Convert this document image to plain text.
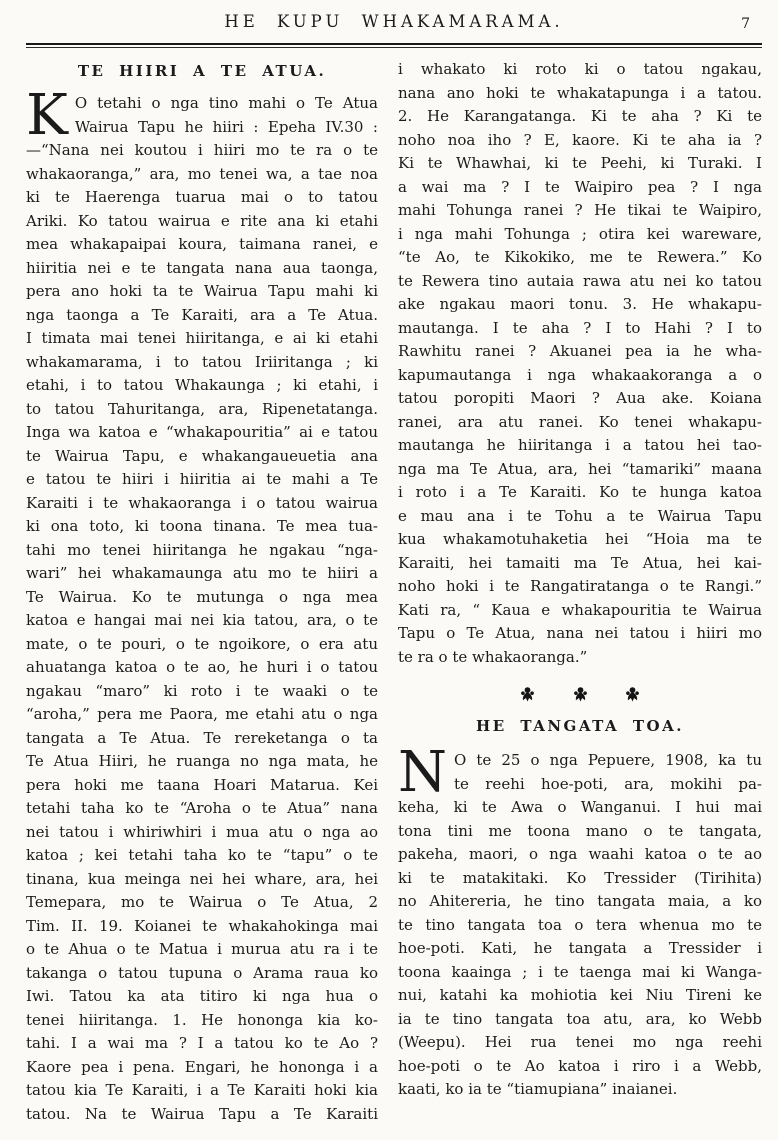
HE KUPU WHAKAMARAMA.	7
TE HIIRI A TE ATUA.
K O tetahi o nga tino mahi o Te Atua
Wairua Tapu he hiiri : Epeha IV.30 :
—“Nana nei koutou i hiiri mo te ra o te
whakaoranga,” ara, mo tenei wa, a tae noa
ki te Haerenga tuarua mai o to tatou
Ariki. Ko tatou wairua e rite ana ki etahi
mea whakapaipai koura, taimana ranei, e
hiiritia nei e te tangata nana aua taonga,
pera ano hoki ta te Wairua Tapu mahi ki
nga taonga a Te Karaiti, ara a Te Atua.
I timata mai tenei hiiritanga, e ai ki etahi
whakamarama, i to tatou Iriiritanga ; ki
etahi, i to tatou Whakaunga ; ki etahi, i
to tatou Tahuritanga, ara, Ripenetatanga.
Inga wa katoa e “whakapouritia” ai e tatou
te Wairua Tapu, e whakangaueuetia ana
e tatou te hiiri i hiiritia ai te mahi a Te
Karaiti i te whakaoranga i o tatou wairua
ki ona toto, ki toona tinana. Te mea tua-
tahi mo tenei hiiritanga he ngakau “nga-
wari” hei whakamaunga atu mo te hiiri a
Te Wairua. Ko te mutunga o nga mea
katoa e hangai mai nei kia tatou, ara, o te
mate, o te pouri, o te ngoikore, o era atu
ahuatanga katoa o te ao, he huri i o tatou
ngakau “maro” ki roto i te waaki o te
“aroha,” pera me Paora, me etahi atu o nga
tangata a Te Atua. Te rereketanga o ta
Te Atua Hiiri, he ruanga no nga mata, he
pera hoki me taana Hoari Matarua. Kei
tetahi taha ko te “Aroha o te Atua” nana
nei tatou i whiriwhiri i mua atu o nga ao
katoa ; kei tetahi taha ko te “tapu” o te
tinana, kua meinga nei hei whare, ara, hei
Temepara, mo te Wairua o Te Atua, 2
Tim. II. 19. Koianei te whakahokinga mai
o te Ahua o te Matua i murua atu ra i te
takanga o tatou tupuna o Arama raua ko
Iwi. Tatou ka ata titiro ki nga hua o
tenei hiiritanga. 1. He hononga kia ko-
tahi. I a wai ma ? I a tatou ko te Ao ?
Kaore pea i pena. Engari, he hononga i a
tatou kia Te Karaiti, i a Te Karaiti hoki kia
tatou. Na te Wairua Tapu a Te Karaiti
i whakato ki roto ki o tatou ngakau,
nana ano hoki te whakatapunga i a tatou.
2. He Karangatanga. Ki te aha ? Ki te
noho noa iho ? E, kaore. Ki te aha ia ?
Ki te Whawhai, ki te Peehi, ki Turaki. I
a wai ma ? I te Waipiro pea ? I nga
mahi Tohunga ranei ? He tikai te Waipiro,
i nga mahi Tohunga ; otira kei wareware,
“te Ao, te Kikokiko, me te Rewera.” Ko
te Rewera tino autaia rawa atu nei ko tatou
ake ngakau maori tonu. 3. He whakapu-
mautanga. I te aha ? I to Hahi ? I to
Rawhitu ranei ? Akuanei pea ia he wha-
kapumautanga i nga whakaakoranga a o
tatou poropiti Maori ? Aua ake. Koiana
ranei, ara atu ranei. Ko tenei whakapu-
mautanga he hiiritanga i a tatou hei tao-
nga ma Te Atua, ara, hei “tamariki” maana
i roto i a Te Karaiti. Ko te hunga katoa
e mau ana i te Tohu a te Wairua Tapu
kua whakamotuhaketia hei “Hoia ma te
Karaiti, hei tamaiti ma Te Atua, hei kai-
noho hoki i te Rangatiratanga o te Rangi.”
Kati ra, “ Kaua e whakapouritia te Wairua
Tapu o Te Atua, nana nei tatou i hiiri mo
te ra o te whakaoranga.”

HE TANGATA TOA.
N O te 25 o nga Pepuere, 1908, ka tu
te reehi hoe-poti, ara, mokihi pa-
keha, ki te Awa o Wanganui. I hui mai
tona tini me toona mano o te tangata,
pakeha, maori, o nga waahi katoa o te ao
ki te matakitaki. Ko Tressider (Tirihita)
no Ahitereria, he tino tangata maia, a ko
te tino tangata toa o tera whenua mo te
hoe-poti. Kati, he tangata a Tressider i
toona kaainga ; i te taenga mai ki Wanga-
nui, katahi ka mohiotia kei Niu Tireni ke
ia te tino tangata toa atu, ara, ko Webb
(Weepu). Hei rua tenei mo nga reehi
hoe-poti o te Ao katoa i riro i a Webb,
kaati, ko ia te “tiamupiana” inaianei.
